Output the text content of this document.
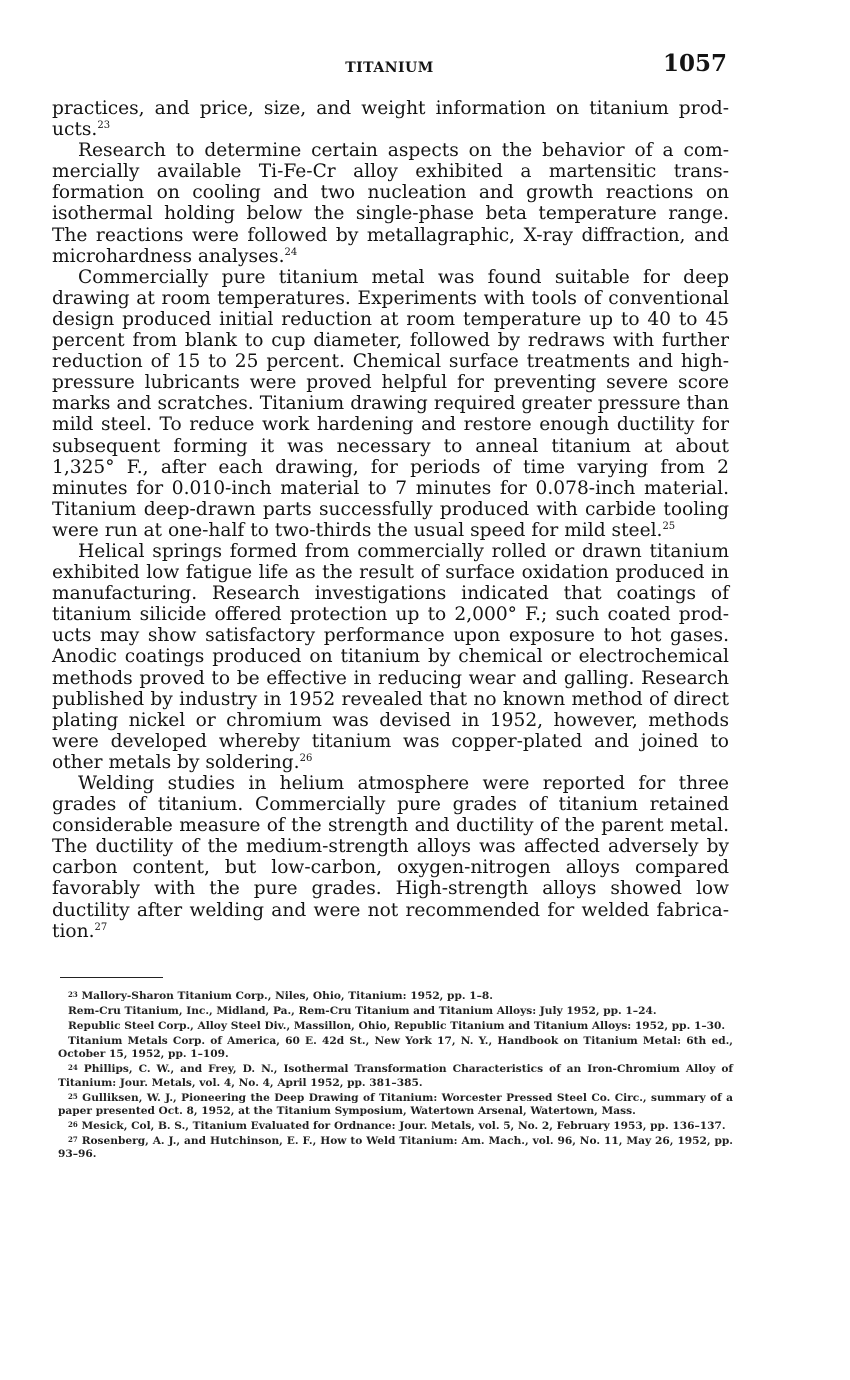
TITANIUM	1057

practices, and price, size, and weight information on titanium products.$^{23}$

Research to determine certain aspects on the behavior of a commercially available Ti-Fe-Cr alloy exhibited a martensitic transformation on cooling and two nucleation and growth reactions on isothermal holding below the single-phase beta temperature range. The reactions were followed by metallagraphic, X-ray diffraction, and microhardness analyses.$^{24}$

Commercially pure titanium metal was found suitable for deep drawing at room temperatures. Experiments with tools of conventional design produced initial reduction at room temperature up to 40 to 45 percent from blank to cup diameter, followed by redraws with further reduction of 15 to 25 percent. Chemical surface treatments and high-pressure lubricants were proved helpful for preventing severe score marks and scratches. Titanium drawing required greater pressure than mild steel. To reduce work hardening and restore enough ductility for subsequent forming it was necessary to anneal titanium at about 1,325° F., after each drawing, for periods of time varying from 2 minutes for 0.010-inch material to 7 minutes for 0.078-inch material. Titanium deep-drawn parts successfully produced with carbide tooling were run at one-half to two-thirds the usual speed for mild steel.$^{25}$

Helical springs formed from commercially rolled or drawn titanium exhibited low fatigue life as the result of surface oxidation produced in manufacturing. Research investigations indicated that coatings of titanium silicide offered protection up to 2,000° F.; such coated products may show satisfactory performance upon exposure to hot gases. Anodic coatings produced on titanium by chemical or electrochemical methods proved to be effective in reducing wear and galling. Research published by industry in 1952 revealed that no known method of direct plating nickel or chromium was devised in 1952, however, methods were developed whereby titanium was copper-plated and joined to other metals by soldering.$^{26}$

Welding studies in helium atmosphere were reported for three grades of titanium. Commercially pure grades of titanium retained considerable measure of the strength and ductility of the parent metal. The ductility of the medium-strength alloys was affected adversely by carbon content, but low-carbon, oxygen-nitrogen alloys compared favorably with the pure grades. High-strength alloys showed low ductility after welding and were not recommended for welded fabrication.$^{27}$

23 Mallory-Sharon Titanium Corp., Niles, Ohio, Titanium: 1952, pp. 1–8.

Rem-Cru Titanium, Inc., Midland, Pa., Rem-Cru Titanium and Titanium Alloys: July 1952, pp. 1–24.

Republic Steel Corp., Alloy Steel Div., Massillon, Ohio, Republic Titanium and Titanium Alloys: 1952, pp. 1–30.

Titanium Metals Corp. of America, 60 E. 42d St., New York 17, N. Y., Handbook on Titanium Metal: 6th ed., October 15, 1952, pp. 1–109.

24 Phillips, C. W., and Frey, D. N., Isothermal Transformation Characteristics of an Iron-Chromium Alloy of Titanium: Jour. Metals, vol. 4, No. 4, April 1952, pp. 381–385.

25 Gulliksen, W. J., Pioneering the Deep Drawing of Titanium: Worcester Pressed Steel Co. Circ., summary of a paper presented Oct. 8, 1952, at the Titanium Symposium, Watertown Arsenal, Watertown, Mass.

26 Mesick, Col, B. S., Titanium Evaluated for Ordnance: Jour. Metals, vol. 5, No. 2, February 1953, pp. 136–137.

27 Rosenberg, A. J., and Hutchinson, E. F., How to Weld Titanium: Am. Mach., vol. 96, No. 11, May 26, 1952, pp. 93–96.
